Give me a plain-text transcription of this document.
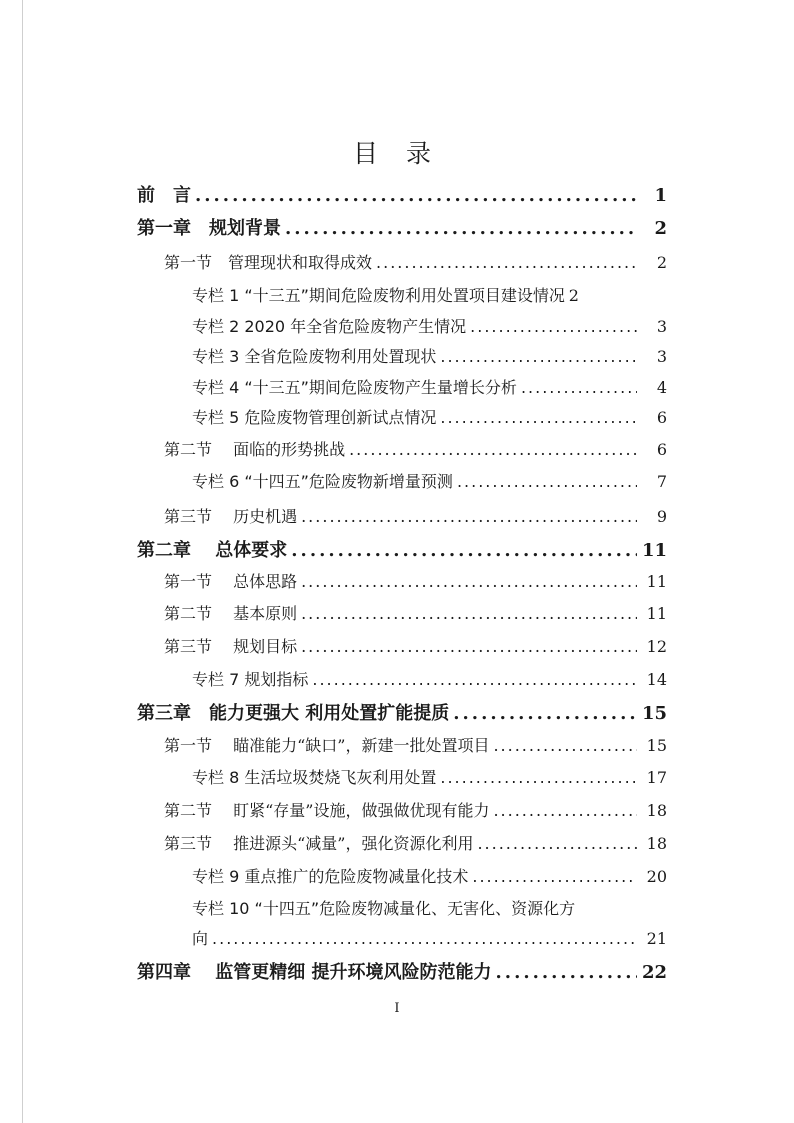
目 录
前　言 .....	1
第一章　规划背景 .....	2
第一节　管理现状和取得成效 .....	2
专栏 1 “十三五”期间危险废物利用处置项目建设情况 2
专栏 2 2020 年全省危险废物产生情况 .....	3
专栏 3 全省危险废物利用处置现状 .....	3
专栏 4 “十三五”期间危险废物产生量增长分析 .....	4
专栏 5 危险废物管理创新试点情况 .....	6
第二节　 面临的形势挑战 .....	6
专栏 6 “十四五”危险废物新增量预测 .....	7
第三节　 历史机遇 .....	9
第二章　 总体要求 .....	11
第一节　 总体思路 .....	11
第二节　 基本原则 .....	11
第三节　 规划目标 .....	12
专栏 7 规划指标 .....	14
第三章　能力更强大 利用处置扩能提质 .....	15
第一节　 瞄准能力“缺口”，新建一批处置项目 .....	15
专栏 8 生活垃圾焚烧飞灰利用处置 .....	17
第二节　 盯紧“存量”设施，做强做优现有能力 .....	18
第三节　 推进源头“减量”，强化资源化利用 .....	18
专栏 9 重点推广的危险废物减量化技术 .....	20
专栏 10 “十四五”危险废物减量化、无害化、资源化方
向 .....	21
第四章　 监管更精细 提升环境风险防范能力 .....	22
I
